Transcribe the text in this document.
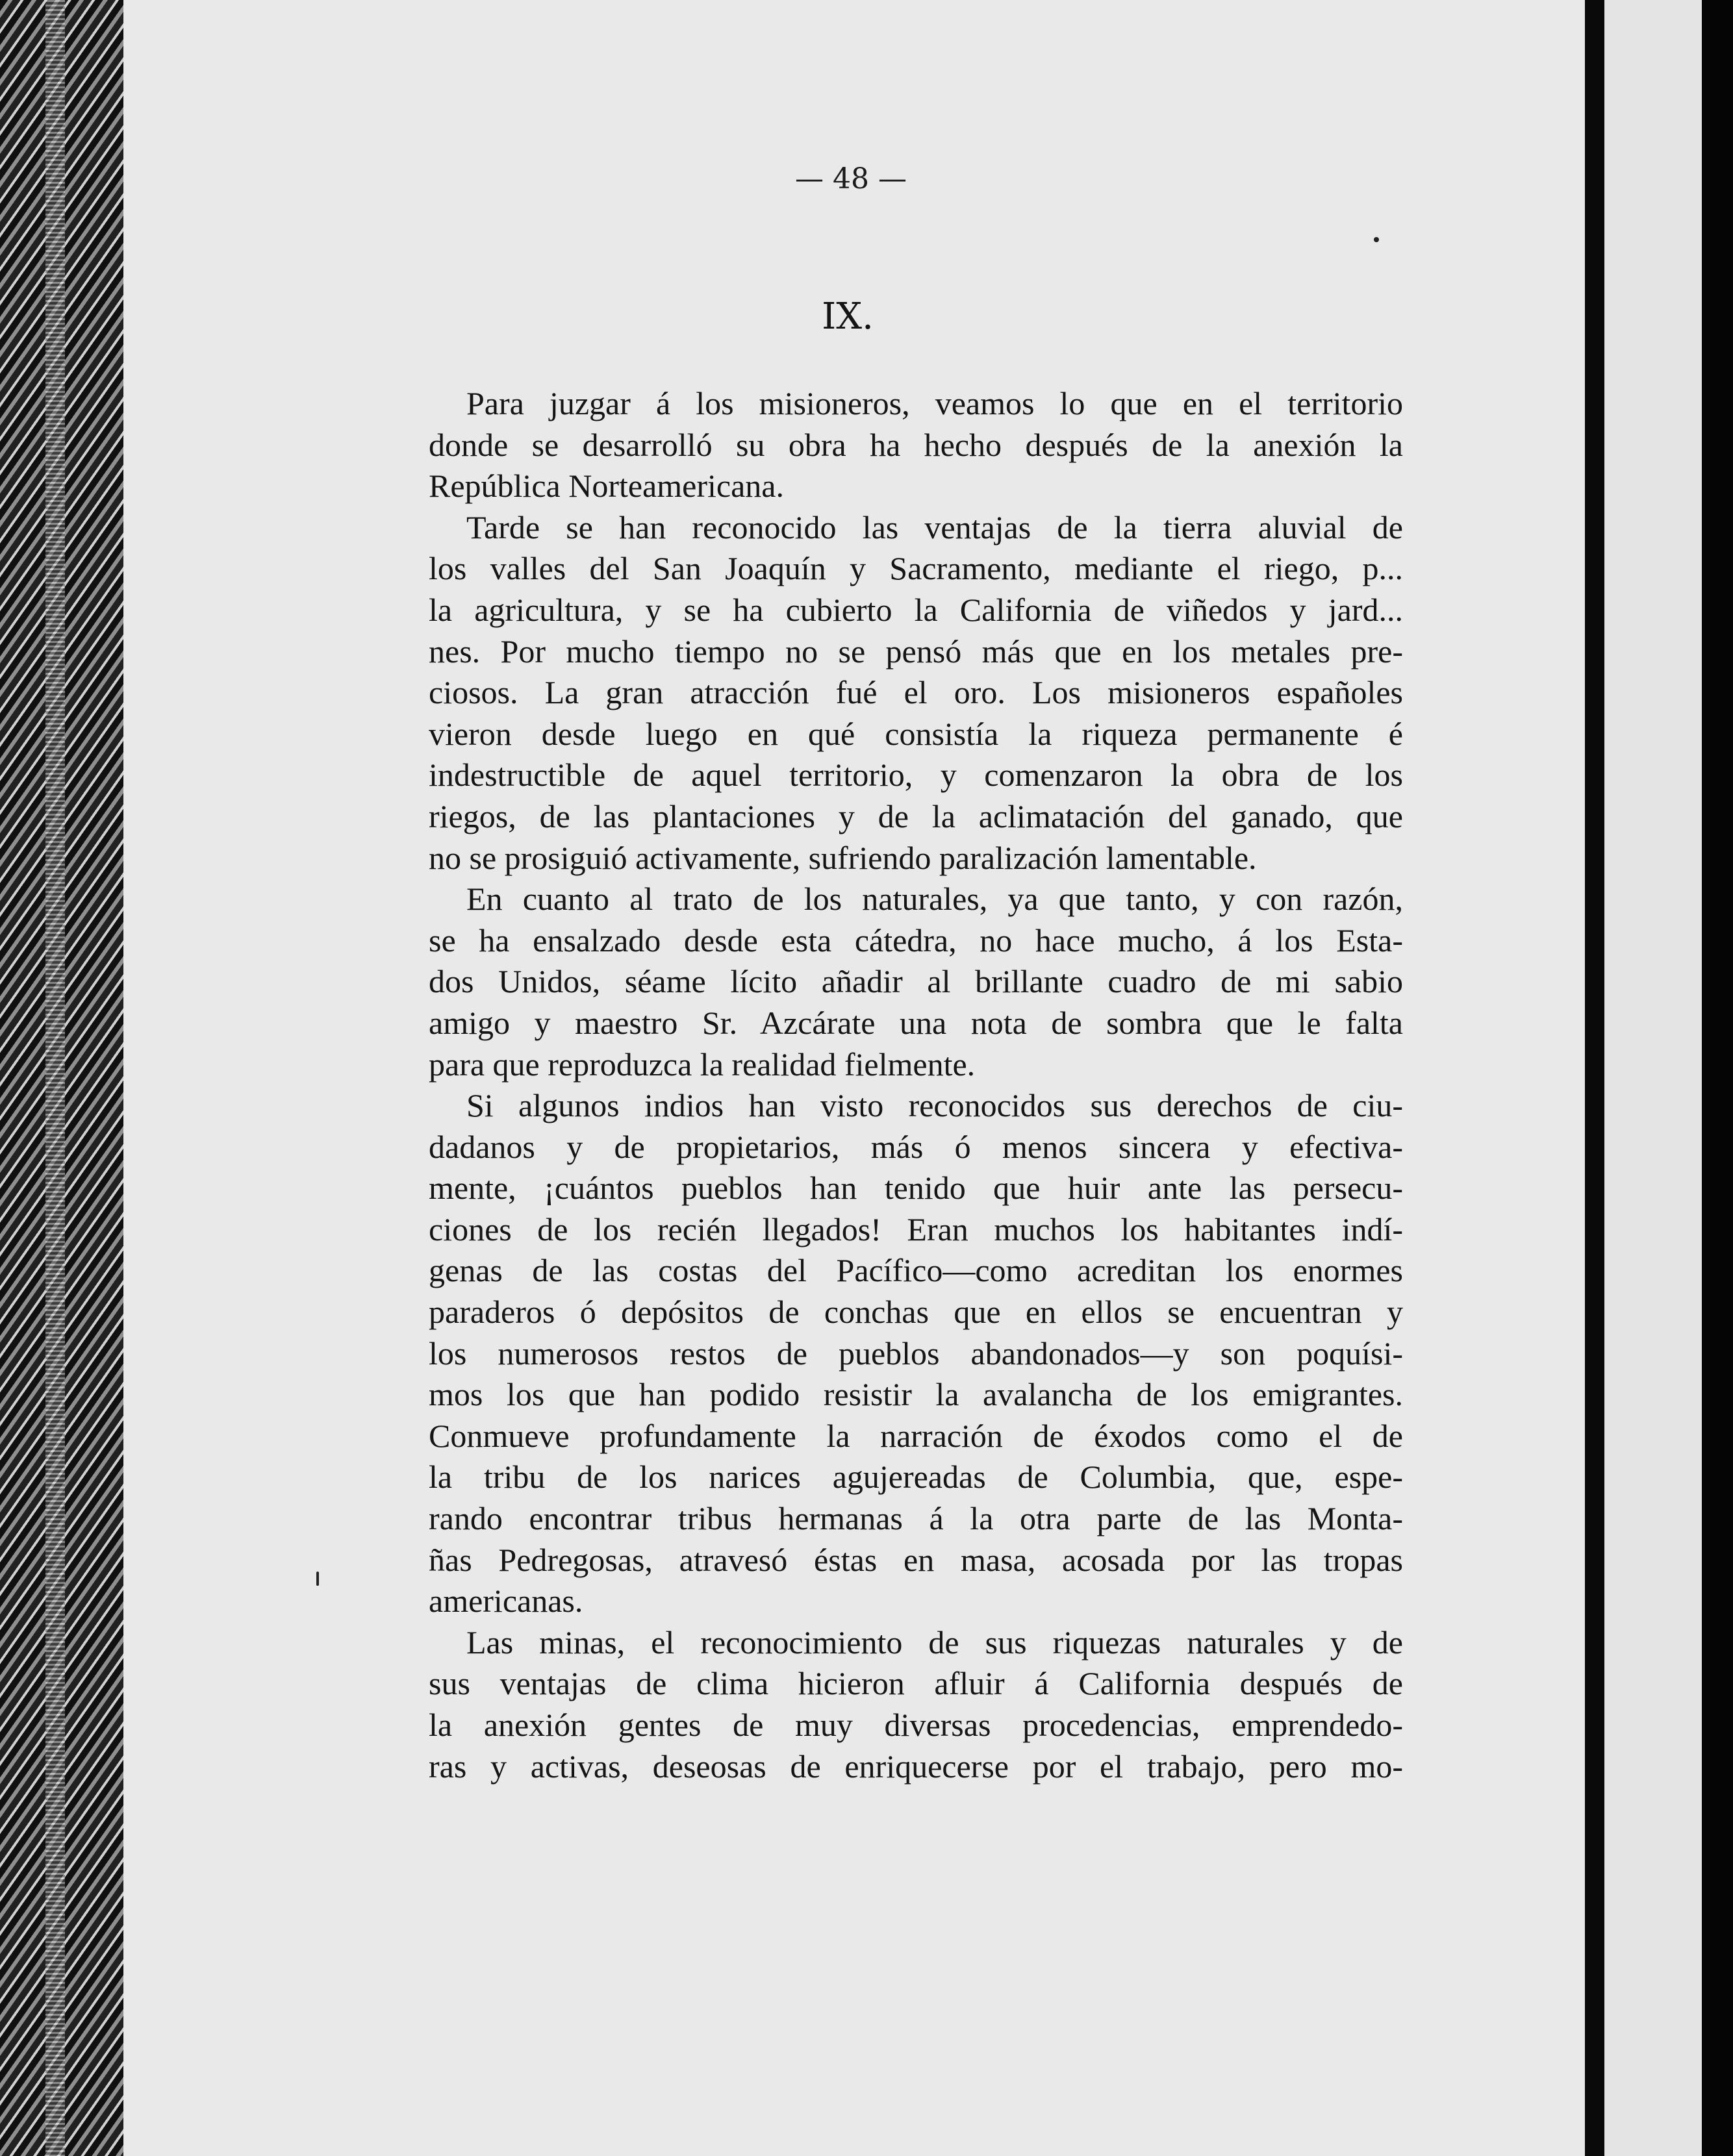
— 48 —
IX.
Para juzgar á los misioneros, veamos lo que en el territorio
donde se desarrolló su obra ha hecho después de la anexión la
República Norteamericana.
Tarde se han reconocido las ventajas de la tierra aluvial de
los valles del San Joaquín y Sacramento, mediante el riego, p...
la agricultura, y se ha cubierto la California de viñedos y jard...
nes. Por mucho tiempo no se pensó más que en los metales pre-
ciosos. La gran atracción fué el oro. Los misioneros españoles
vieron desde luego en qué consistía la riqueza permanente é
indestructible de aquel territorio, y comenzaron la obra de los
riegos, de las plantaciones y de la aclimatación del ganado, que
no se prosiguió activamente, sufriendo paralización lamentable.
En cuanto al trato de los naturales, ya que tanto, y con razón,
se ha ensalzado desde esta cátedra, no hace mucho, á los Esta-
dos Unidos, séame lícito añadir al brillante cuadro de mi sabio
amigo y maestro Sr. Azcárate una nota de sombra que le falta
para que reproduzca la realidad fielmente.
Si algunos indios han visto reconocidos sus derechos de ciu-
dadanos y de propietarios, más ó menos sincera y efectiva-
mente, ¡cuántos pueblos han tenido que huir ante las persecu-
ciones de los recién llegados! Eran muchos los habitantes indí-
genas de las costas del Pacífico—como acreditan los enormes
paraderos ó depósitos de conchas que en ellos se encuentran y
los numerosos restos de pueblos abandonados—y son poquísi-
mos los que han podido resistir la avalancha de los emigrantes.
Conmueve profundamente la narración de éxodos como el de
la tribu de los narices agujereadas de Columbia, que, espe-
rando encontrar tribus hermanas á la otra parte de las Monta-
ñas Pedregosas, atravesó éstas en masa, acosada por las tropas
americanas.
Las minas, el reconocimiento de sus riquezas naturales y de
sus ventajas de clima hicieron afluir á California después de
la anexión gentes de muy diversas procedencias, emprendedo-
ras y activas, deseosas de enriquecerse por el trabajo, pero mo-
